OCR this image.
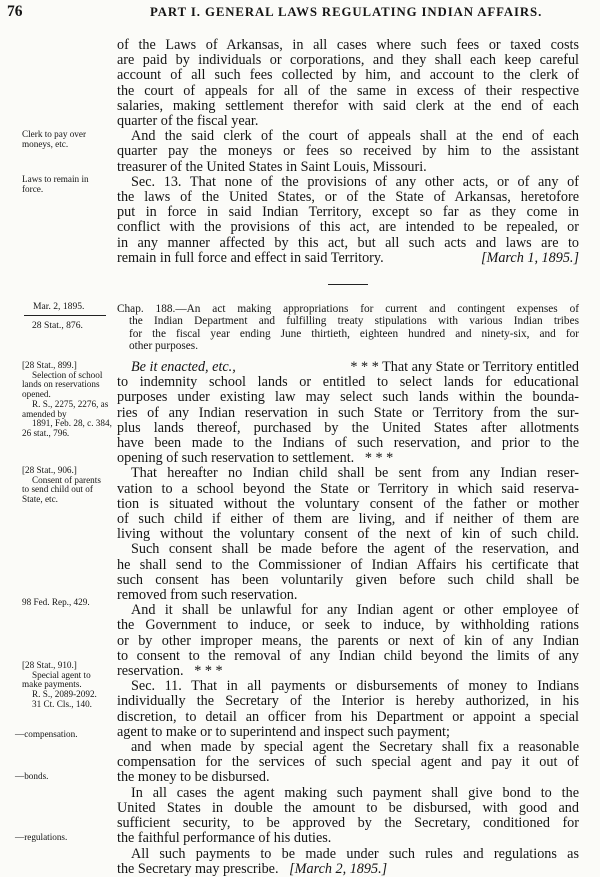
76	PART I. GENERAL LAWS REGULATING INDIAN AFFAIRS.
Clerk to pay over
moneys, etc.
Laws to remain in
force.
Mar. 2, 1895.
28 Stat., 876.
[28 Stat., 899.]
Selection of school
lands on reservations
opened.
R. S., 2275, 2276, as
amended by
1891, Feb. 28, c. 384,
26 stat., 796.
[28 Stat., 906.]
Consent of parents
to send child out of
State, etc.
98 Fed. Rep., 429.
[28 Stat., 910.]
Special agent to
make payments.
R. S., 2089-2092.
31 Ct. Cls., 140.
—compensation.
—bonds.
—regulations.
of the Laws of Arkansas, in all cases where such fees or taxed costs
are paid by individuals or corporations, and they shall each keep careful
account of all such fees collected by him, and account to the clerk of
the court of appeals for all of the same in excess of their respective
salaries, making settlement therefor with said clerk at the end of each
quarter of the fiscal year.
And the said clerk of the court of appeals shall at the end of each
quarter pay the moneys or fees so received by him to the assistant
treasurer of the United States in Saint Louis, Missouri.
Sec. 13. That none of the provisions of any other acts, or of any of
the laws of the United States, or of the State of Arkansas, heretofore
put in force in said Indian Territory, except so far as they come in
conflict with the provisions of this act, are intended to be repealed, or
in any manner affected by this act, but all such acts and laws are to
remain in full force and effect in said Territory.	[March 1, 1895.]
Chap. 188.—An act making appropriations for current and contingent expenses of
the Indian Department and fulfilling treaty stipulations with various Indian tribes
for the fiscal year ending June thirtieth, eighteen hundred and ninety-six, and for
other purposes.
Be it enacted, etc.,	* * * That any State or Territory entitled
to indemnity school lands or entitled to select lands for educational
purposes under existing law may select such lands within the bounda-
ries of any Indian reservation in such State or Territory from the sur-
plus lands thereof, purchased by the United States after allotments
have been made to the Indians of such reservation, and prior to the
opening of such reservation to settlement. * * *
That hereafter no Indian child shall be sent from any Indian reser-
vation to a school beyond the State or Territory in which said reserva-
tion is situated without the voluntary consent of the father or mother
of such child if either of them are living, and if neither of them are
living without the voluntary consent of the next of kin of such child.
Such consent shall be made before the agent of the reservation, and
he shall send to the Commissioner of Indian Affairs his certificate that
such consent has been voluntarily given before such child shall be
removed from such reservation.
And it shall be unlawful for any Indian agent or other employee of
the Government to induce, or seek to induce, by withholding rations
or by other improper means, the parents or next of kin of any Indian
to consent to the removal of any Indian child beyond the limits of any
reservation. * * *
Sec. 11. That in all payments or disbursements of money to Indians
individually the Secretary of the Interior is hereby authorized, in his
discretion, to detail an officer from his Department or appoint a special
agent to make or to superintend and inspect such payment;
and when made by special agent the Secretary shall fix a reasonable
compensation for the services of such special agent and pay it out of
the money to be disbursed.
In all cases the agent making such payment shall give bond to the
United States in double the amount to be disbursed, with good and
sufficient security, to be approved by the Secretary, conditioned for
the faithful performance of his duties.
All such payments to be made under such rules and regulations as
the Secretary may prescribe. [March 2, 1895.]
